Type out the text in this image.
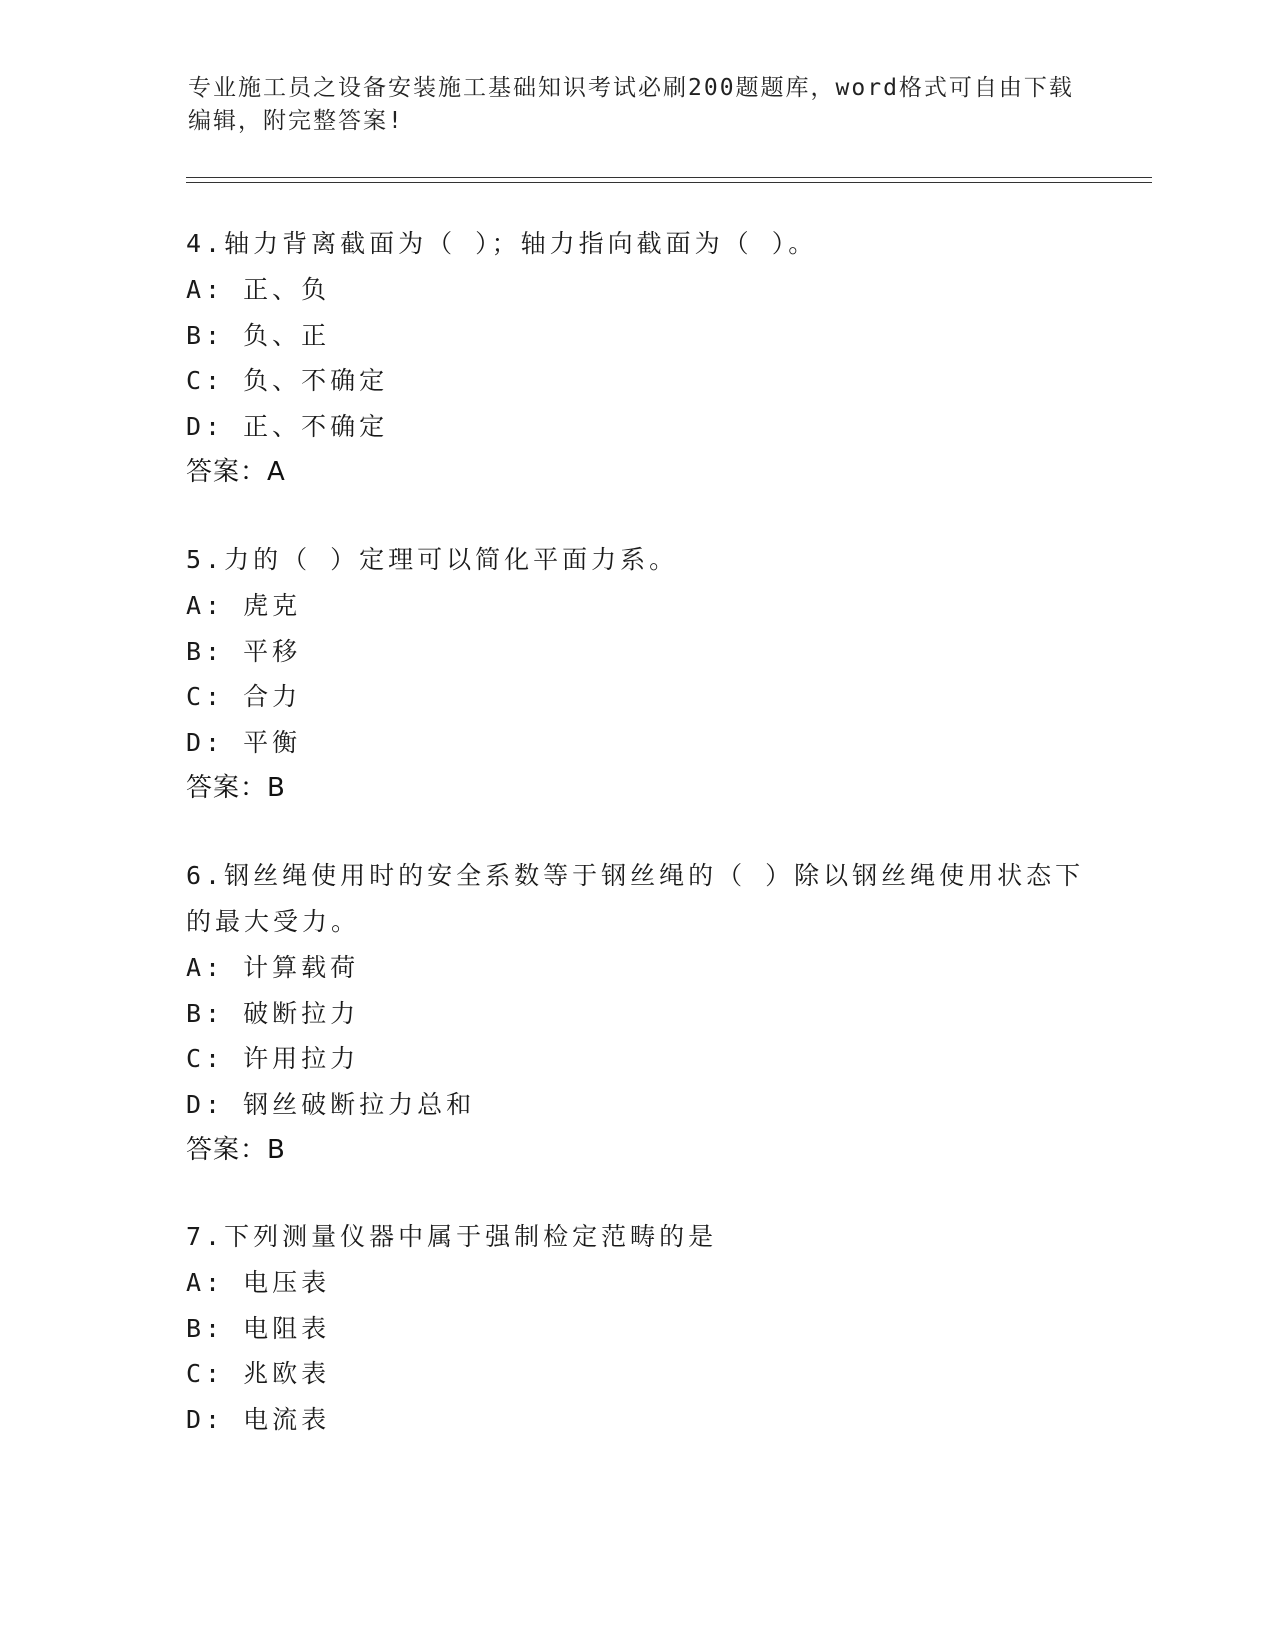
专业施工员之设备安装施工基础知识考试必刷200题题库，word格式可自由下载编辑，附完整答案!
4.轴力背离截面为（ ）；轴力指向截面为（ ）。
A: 正、负
B: 负、正
C: 负、不确定
D: 正、不确定
答案：A
5.力的（ ）定理可以简化平面力系。
A: 虎克
B: 平移
C: 合力
D: 平衡
答案：B
6.钢丝绳使用时的安全系数等于钢丝绳的（ ）除以钢丝绳使用状态下的最大受力。
A: 计算载荷
B: 破断拉力
C: 许用拉力
D: 钢丝破断拉力总和
答案：B
7.下列测量仪器中属于强制检定范畴的是
A: 电压表
B: 电阻表
C: 兆欧表
D: 电流表
